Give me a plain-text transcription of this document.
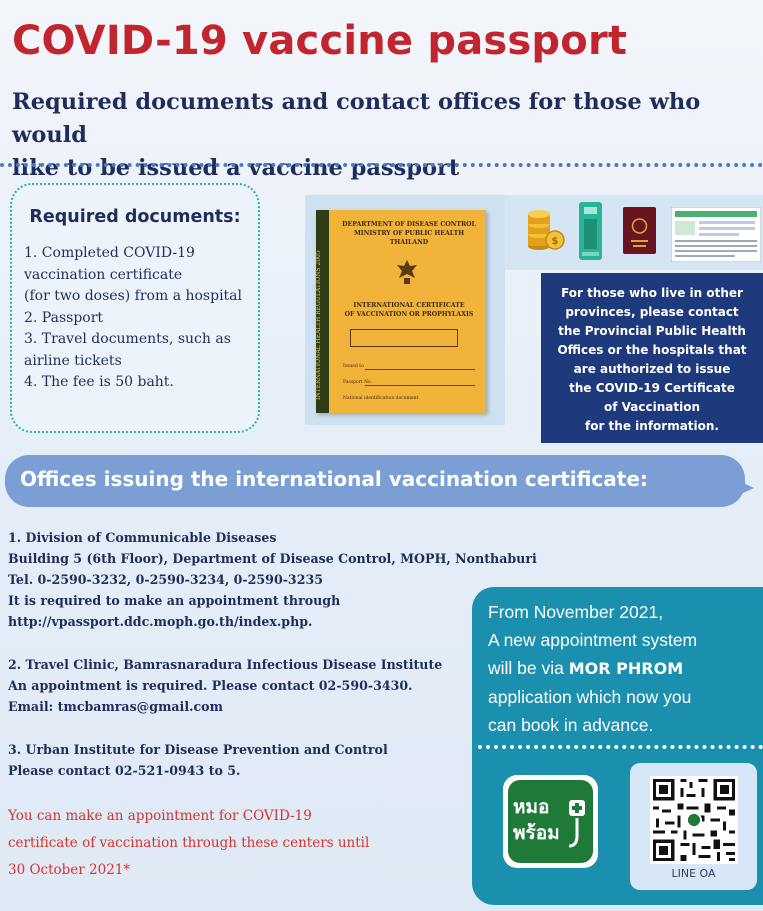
COVID-19 vaccine passport
Required documents and contact offices for those who would
like to be issued a vaccine passport
Required documents:
1. Completed COVID-19
vaccination certificate
(for two doses) from a hospital
2. Passport
3. Travel documents, such as
airline tickets
4. The fee is 50 baht.	INTERNATIONAL HEALTH REGULATIONS 2005
DEPARTMENT OF DISEASE CONTROL
MINISTRY OF PUBLIC HEALTH
THAILAND
INTERNATIONAL CERTIFICATE
OF VACCINATION OR PROPHYLAXIS
Issued to
Passport No.
National identification document
$
For those who live in other
provinces, please contact
the Provincial Public Health
Offices or the hospitals that
are authorized to issue
the COVID-19 Certificate
of Vaccination
for the information.
Offices issuing the international vaccination certificate:
1. Division of Communicable Diseases
Building 5 (6th Floor), Department of Disease Control, MOPH, Nonthaburi
Tel. 0-2590-3232, 0-2590-3234, 0-2590-3235
It is required to make an appointment through
http://vpassport.ddc.moph.go.th/index.php.
2. Travel Clinic, Bamrasnaradura Infectious Disease Institute
An appointment is required. Please contact 02-590-3430.
Email: tmcbamras@gmail.com
3. Urban Institute for Disease Prevention and Control
Please contact 02-521-0943 to 5.
You can make an appointment for COVID-19
certificate of vaccination through these centers until
30 October 2021*
From November 2021,
A new appointment system
will be via MOR PHROM
application which now you
can book in advance.
หมอ
พร้อม
LINE OA
